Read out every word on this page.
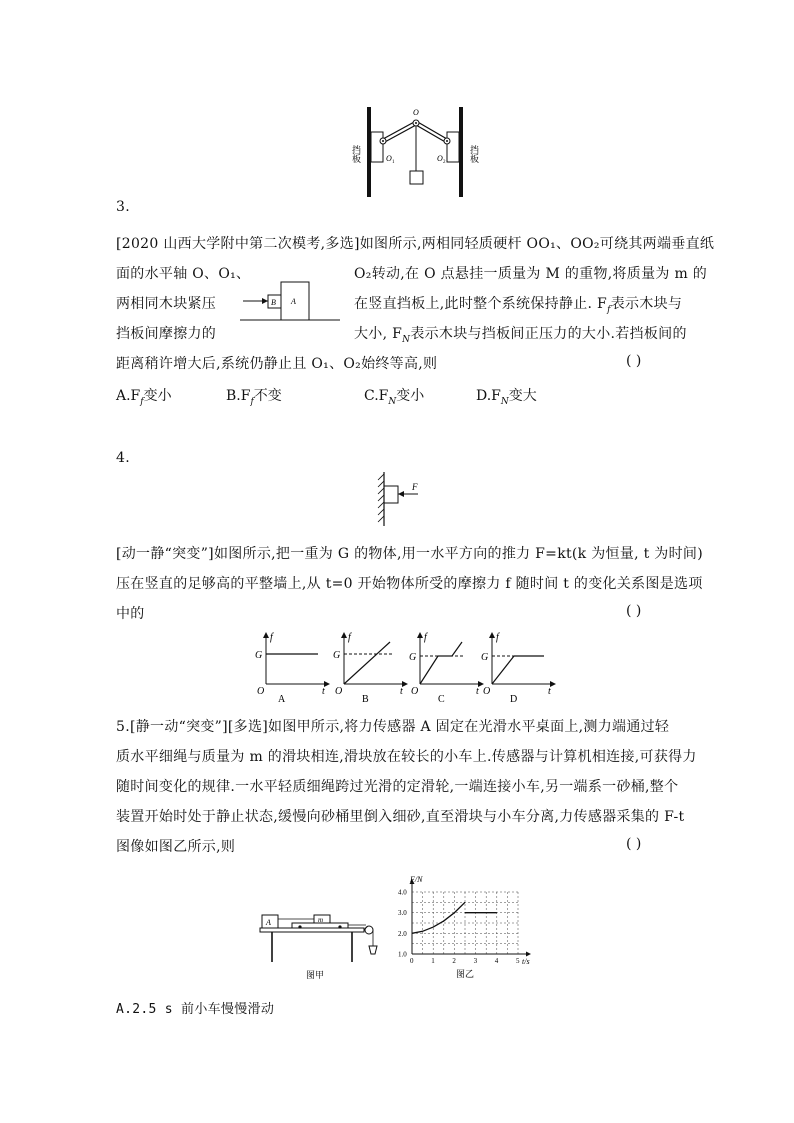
挡板	挡板
O
O 1	O 2
3.
[2020 山西大学附中第二次模考,多选]如图所示,两相同轻质硬杆 OO₁、OO₂可绕其两端垂直纸
面的水平轴 O、O₁、	O₂转动,在 O 点悬挂一质量为 M 的重物,将质量为 m 的
两相同木块紧压	在竖直挡板上,此时整个系统保持静止. $F_f$表示木块与
挡板间摩擦力的	大小, $F_N$表示木块与挡板间正压力的大小.若挡板间的
距离稍许增大后,系统仍静止且 O₁、O₂始终等高,则	( )
B A
$A.F_f$变小	$B.F_f$不变	$C.F_N$变小	$D.F_N$变大
4.
F
[动一静“突变”]如图所示,把一重为 G 的物体,用一水平方向的推力 F=kt(k 为恒量, t 为时间)
压在竖直的足够高的平整墙上,从 t=0 开始物体所受的摩擦力 f 随时间 t 的变化关系图是选项
中的	( )
f
G
O	t
A
f
G
O	t
B
f
G
O	t
C
f
G
O	t
D
5.[静一动“突变”][多选]如图甲所示,将力传感器 A 固定在光滑水平桌面上,测力端通过轻
质水平细绳与质量为 m 的滑块相连,滑块放在较长的小车上.传感器与计算机相连接,可获得力
随时间变化的规律.一水平轻质细绳跨过光滑的定滑轮,一端连接小车,另一端系一砂桶,整个
装置开始时处于静止状态,缓慢向砂桶里倒入细砂,直至滑块与小车分离,力传感器采集的 F-t
图像如图乙所示,则	( )
A	m
图甲
0	1	2	3	4	5
1.0
2.0
3.0
4.0
F/N
t/s
图乙
A.2.5 s 前小车慢慢滑动
